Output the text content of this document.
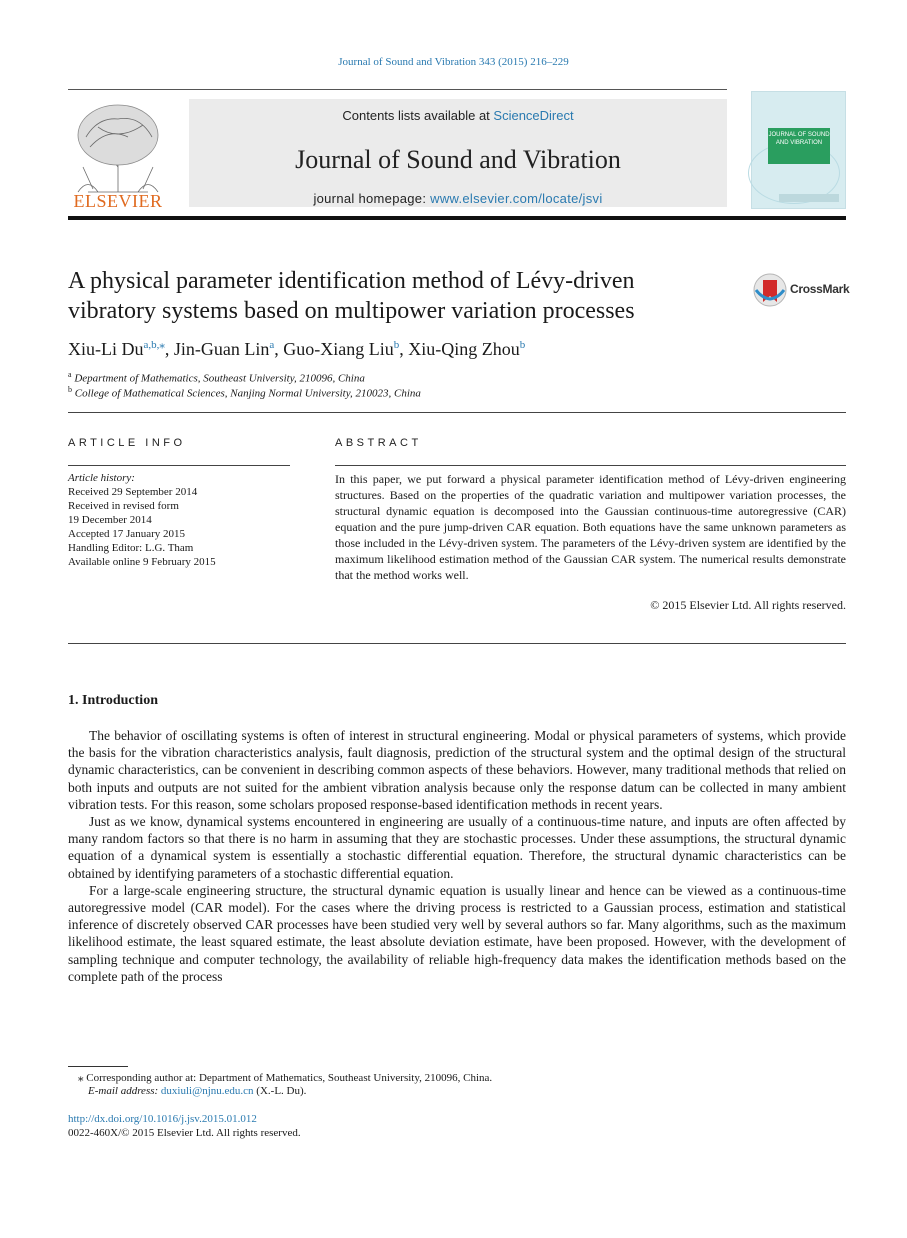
Journal of Sound and Vibration 343 (2015) 216–229
ELSEVIER
Contents lists available at ScienceDirect
Journal of Sound and Vibration
journal homepage: www.elsevier.com/locate/jsvi
JOURNAL OF SOUND AND VIBRATION
A physical parameter identification method of Lévy-driven
vibratory systems based on multipower variation processes
CrossMark
Xiu-Li $Du^{a,b,⁎}$, Jin-Guan Lin$^a$, Guo-Xiang Liu$^b$, Xiu-Qing Zhou$^b$
$^a$ Department of Mathematics, Southeast University, 210096, China
$^b$ College of Mathematical Sciences, Nanjing Normal University, 210023, China
ARTICLE INFO	ABSTRACT
Article history:
Received 29 September 2014
Received in revised form
19 December 2014
Accepted 17 January 2015
Handling Editor: L.G. Tham
Available online 9 February 2015
In this paper, we put forward a physical parameter identification method of Lévy-driven engineering structures. Based on the properties of the quadratic variation and multipower variation processes, the structural dynamic equation is decomposed into the Gaussian continuous-time autoregressive (CAR) equation and the pure jump-driven CAR equation. Both equations have the same unknown parameters as those included in the Lévy-driven system. The parameters of the Lévy-driven system are identified by the maximum likelihood estimation method of the Gaussian CAR system. The numerical results demonstrate that the method works well.
© 2015 Elsevier Ltd. All rights reserved.
1. Introduction

The behavior of oscillating systems is often of interest in structural engineering. Modal or physical parameters of systems, which provide the basis for the vibration characteristics analysis, fault diagnosis, prediction of the structural system and the optimal design of the structural dynamic characteristics, can be convenient in describing common aspects of these behaviors. However, many traditional methods that relied on both inputs and outputs are not suited for the ambient vibration analysis because only the response datum can be collected in many ambient vibration tests. For this reason, some scholars proposed response-based identification methods in recent years.

Just as we know, dynamical systems encountered in engineering are usually of a continuous-time nature, and inputs are often affected by many random factors so that there is no harm in assuming that they are stochastic processes. Under these assumptions, the structural dynamic equation of a dynamical system is essentially a stochastic differential equation. Therefore, the structural dynamic characteristics can be obtained by identifying parameters of a stochastic differential equation.

For a large-scale engineering structure, the structural dynamic equation is usually linear and hence can be viewed as a continuous-time autoregressive model (CAR model). For the cases where the driving process is restricted to a Gaussian process, estimation and statistical inference of discretely observed CAR processes have been studied very well by several authors so far. Many algorithms, such as the maximum likelihood estimate, the least squared estimate, the least absolute deviation estimate, have been proposed. However, with the development of sampling technique and computer technology, the availability of reliable high-frequency data makes the identification methods based on the complete path of the process

⁎ Corresponding author at: Department of Mathematics, Southeast University, 210096, China.
E-mail address: duxiuli@njnu.edu.cn (X.-L. Du).
http://dx.doi.org/10.1016/j.jsv.2015.01.012
0022-460X/© 2015 Elsevier Ltd. All rights reserved.
